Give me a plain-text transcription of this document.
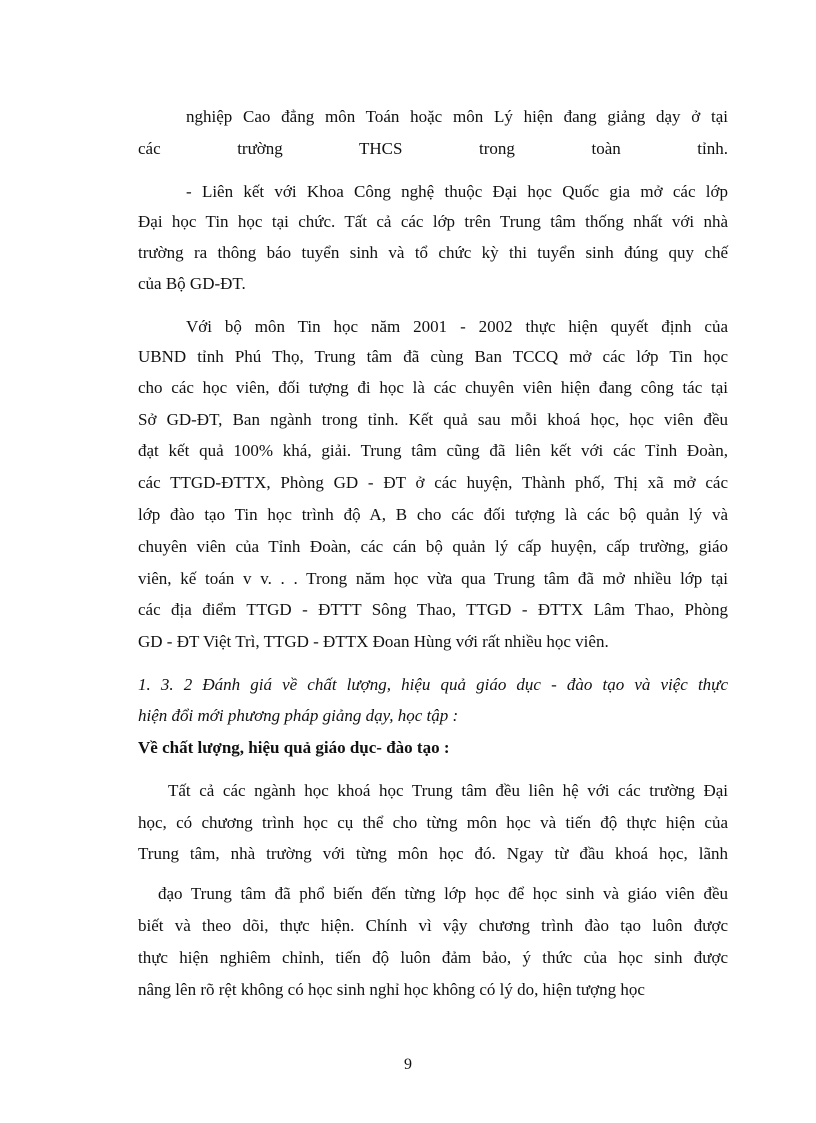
nghiệp Cao đẳng môn Toán hoặc môn Lý hiện đang giảng dạy ở tại
các trường THCS trong toàn tỉnh.
- Liên kết với Khoa Công nghệ thuộc Đại học Quốc gia mở các lớp
Đại học Tin học tại chức. Tất cả các lớp trên Trung tâm thống nhất với nhà
trường ra thông báo tuyển sinh và tổ chức kỳ thi tuyển sinh đúng quy chế
của Bộ GD-ĐT.
Với bộ môn Tin học năm 2001 - 2002 thực hiện quyết định của
UBND tỉnh Phú Thọ, Trung tâm đã cùng Ban TCCQ mở các lớp Tin học
cho các học viên, đối tượng đi học là các chuyên viên hiện đang công tác tại
Sở GD-ĐT, Ban ngành trong tỉnh. Kết quả sau mỗi khoá học, học viên đều
đạt kết quả 100% khá, giải. Trung tâm cũng đã liên kết với các Tỉnh Đoàn,
các TTGD-ĐTTX, Phòng GD - ĐT ở các huyện, Thành phố, Thị xã mở các
lớp đào tạo Tin học trình độ A, B cho các đối tượng là các bộ quản lý và
chuyên viên của Tỉnh Đoàn, các cán bộ quản lý cấp huyện, cấp trường, giáo
viên, kế toán v v. . . Trong năm học vừa qua Trung tâm đã mở nhiều lớp tại
các địa điểm TTGD - ĐTTT Sông Thao, TTGD - ĐTTX Lâm Thao, Phòng
GD - ĐT Việt Trì, TTGD - ĐTTX Đoan Hùng với rất nhiều học viên.
1. 3. 2 Đánh giá về chất lượng, hiệu quả giáo dục - đào tạo và việc thực
hiện đổi mới phương pháp giảng dạy, học tập :
Về chất lượng, hiệu quả giáo dục- đào tạo :
Tất cả các ngành học khoá học Trung tâm đều liên hệ với các trường Đại
học, có chương trình học cụ thể cho từng môn học và tiến độ thực hiện của
Trung tâm, nhà trường với từng môn học đó. Ngay từ đầu khoá học, lãnh
đạo Trung tâm đã phổ biến đến từng lớp học để học sinh và giáo viên đều
biết và theo dõi, thực hiện. Chính vì vậy chương trình đào tạo luôn được
thực hiện nghiêm chỉnh, tiến độ luôn đảm bảo, ý thức của học sinh được
nâng lên rõ rệt không có học sinh nghỉ học không có lý do, hiện tượng học
9
